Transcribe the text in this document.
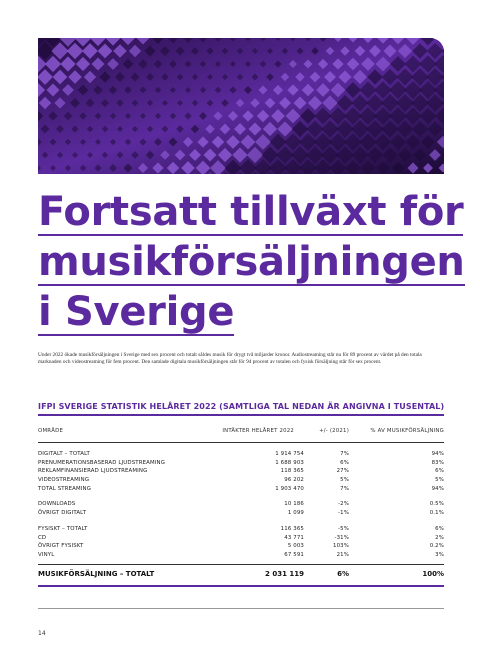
Fortsatt tillväxt för
musikförsäljningen
i Sverige

Under 2022 ökade musikförsäljningen i Sverige med sex procent och totalt såldes musik för drygt två miljarder kronor. Audiostreaming står nu för 89 procent av värdet på den totala marknaden och videostreaming för fem procent. Den samlade digitala musikförsäljningen står för 94 procent av totalen och fysisk försäljning står för sex procent.

IFPI SVERIGE STATISTIK HELÅRET 2022 (SAMTLIGA TAL NEDAN ÄR ANGIVNA I TUSENTAL)
OMRÅDE	INTÄKTER HELÅRET 2022	+/- (2021)	% AV MUSIKFÖRSÄLJNING
DIGITALT – TOTALT	1 914 754	7%	94%
PRENUMERATIONSBASERAD LJUDSTREAMING	1 688 903	6%	83%
REKLAMFINANSIERAD LJUDSTREAMING	118 365	27%	6%
VIDEOSTREAMING	96 202	5%	5%
TOTAL STREAMING	1 903 470	7%	94%
DOWNLOADS	10 186	-2%	0.5%
ÖVRIGT DIGITALT	1 099	-1%	0.1%
FYSISKT – TOTALT	116 365	-5%	6%
CD	43 771	-31%	2%
ÖVRIGT FYSISKT	5 003	103%	0.2%
VINYL	67 591	21%	3%
MUSIKFÖRSÄLJNING – TOTALT	2 031 119	6%	100%
14
